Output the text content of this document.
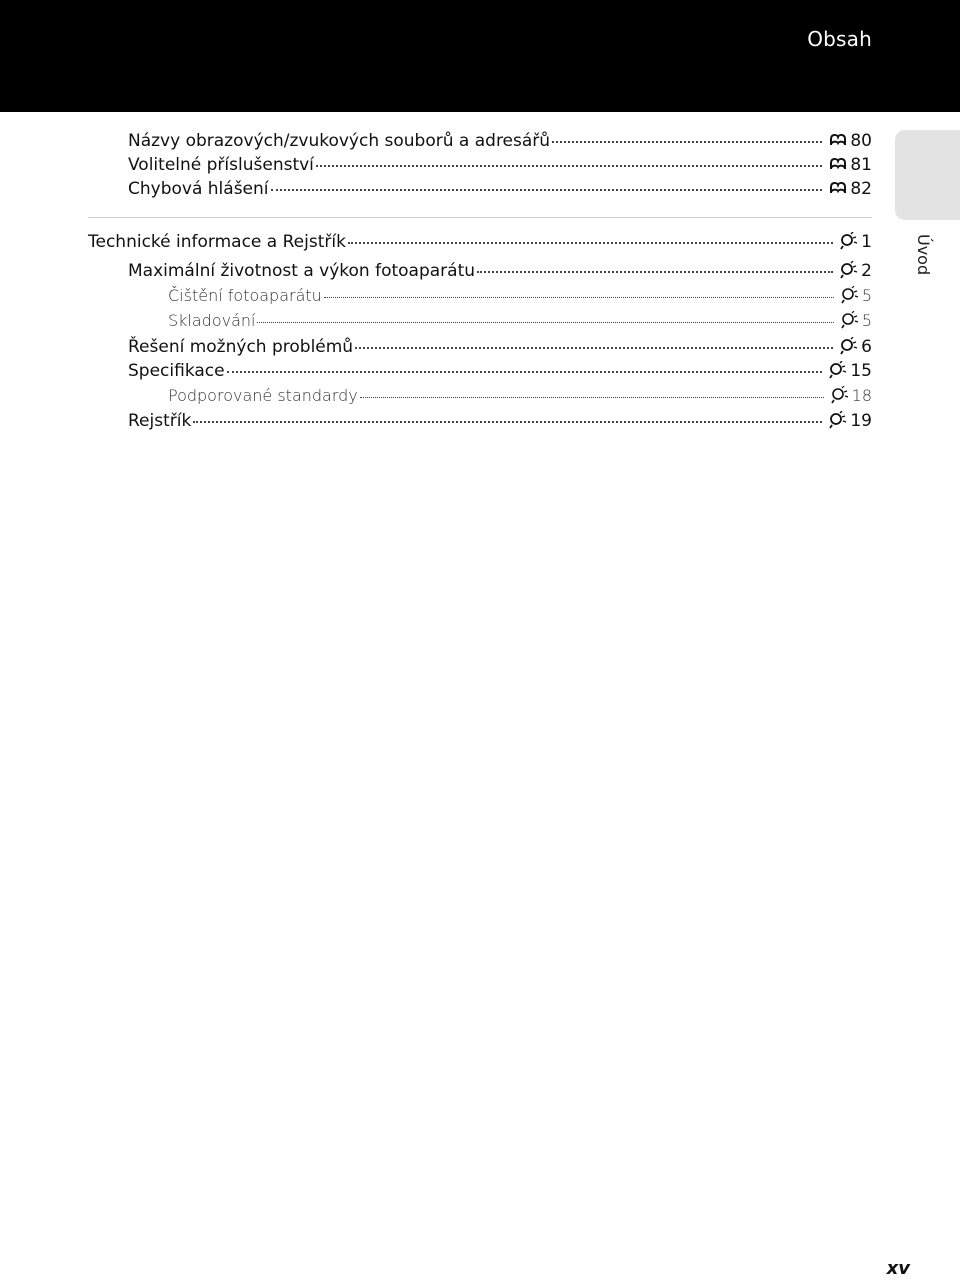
Obsah
Úvod
Názvy obrazových/zvukových souborů a adresářů	80
Volitelné příslušenství	81
Chybová hlášení	82
Technické informace a Rejstřík	1
Maximální životnost a výkon fotoaparátu	2
Čištění fotoaparátu	5
Skladování	5
Řešení možných problémů	6
Specifikace	15
Podporované standardy	18
Rejstřík	19
xv
